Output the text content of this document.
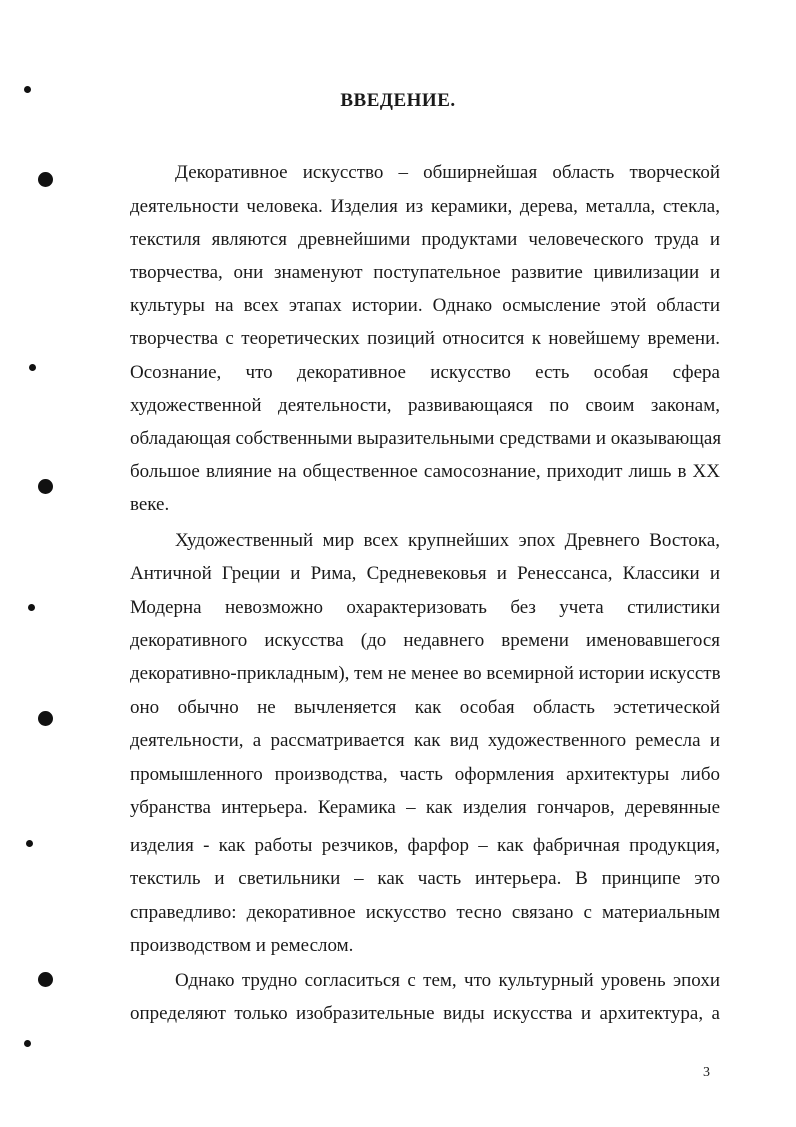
ВВЕДЕНИЕ.

Декоративное искусство – обширнейшая область творческой

деятельности человека. Изделия из керамики, дерева, металла, стекла,

текстиля являются древнейшими продуктами человеческого труда и

творчества, они знаменуют поступательное развитие цивилизации и

культуры на всех этапах истории. Однако осмысление этой области

творчества с теоретических позиций относится к новейшему времени.

Осознание, что декоративное искусство есть особая сфера

художественной деятельности, развивающаяся по своим законам,

обладающая собственными выразительными средствами и оказывающая

большое влияние на общественное самосознание, приходит лишь в XX

веке.

Художественный мир всех крупнейших эпох Древнего Востока,

Античной Греции и Рима, Средневековья и Ренессанса, Классики и

Модерна невозможно охарактеризовать без учета стилистики

декоративного искусства (до недавнего времени именовавшегося

декоративно-прикладным), тем не менее во всемирной истории искусств

оно обычно не вычленяется как особая область эстетической

деятельности, а рассматривается как вид художественного ремесла и

промышленного производства, часть оформления архитектуры либо

убранства интерьера. Керамика – как изделия гончаров, деревянные

изделия - как работы резчиков, фарфор – как фабричная продукция,

текстиль и светильники – как часть интерьера. В принципе это

справедливо: декоративное искусство тесно связано с материальным

производством и ремеслом.

Однако трудно согласиться с тем, что культурный уровень эпохи

определяют только изобразительные виды искусства и архитектура, а

3
